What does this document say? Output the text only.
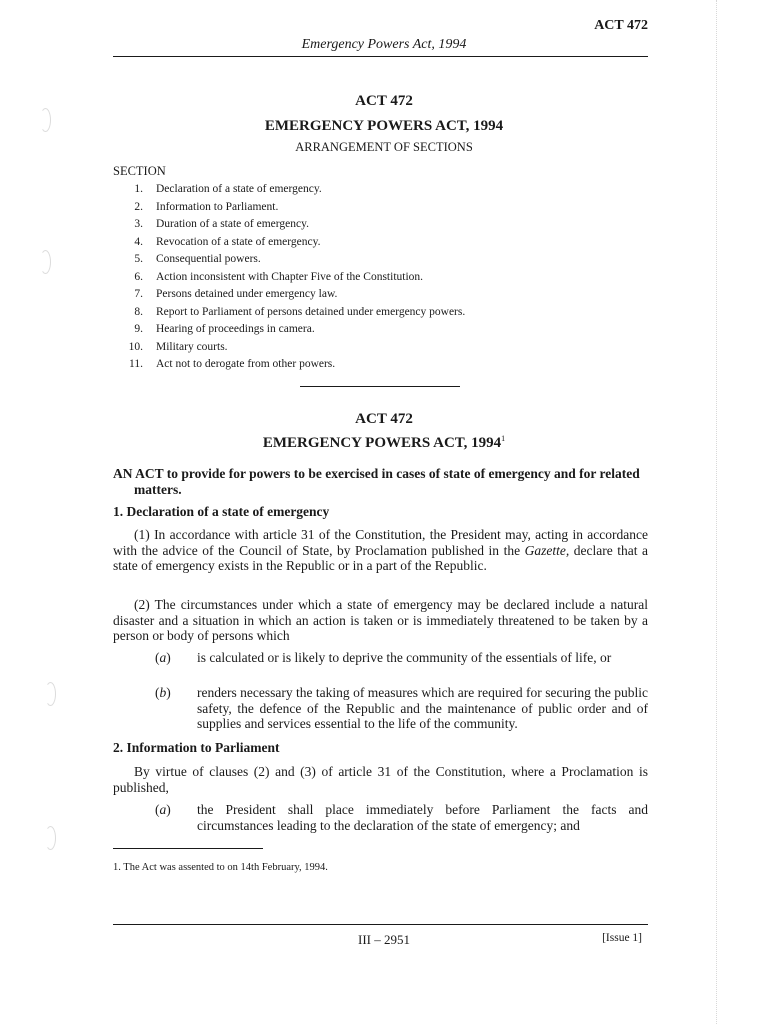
ACT 472
Emergency Powers Act, 1994
ACT 472
EMERGENCY POWERS ACT, 1994
ARRANGEMENT OF SECTIONS
SECTION
1.	Declaration of a state of emergency.
2.	Information to Parliament.
3.	Duration of a state of emergency.
4.	Revocation of a state of emergency.
5.	Consequential powers.
6.	Action inconsistent with Chapter Five of the Constitution.
7.	Persons detained under emergency law.
8.	Report to Parliament of persons detained under emergency powers.
9.	Hearing of proceedings in camera.
10.	Military courts.
11.	Act not to derogate from other powers.
ACT 472
EMERGENCY POWERS ACT, 1994$^1$
AN ACT to provide for powers to be exercised in cases of state of emergency and for related matters.
1. Declaration of a state of emergency

(1) In accordance with article 31 of the Constitution, the President may, acting in accordance with the advice of the Council of State, by Proclamation published in the Gazette, declare that a state of emergency exists in the Republic or in a part of the Republic.

(2) The circumstances under which a state of emergency may be declared include a natural disaster and a situation in which an action is taken or is immediately threatened to be taken by a person or body of persons which

(a)	is calculated or is likely to deprive the community of the essentials of life, or
(b)	renders necessary the taking of measures which are required for securing the public safety, the defence of the Republic and the maintenance of public order and of supplies and services essential to the life of the community.
2. Information to Parliament

By virtue of clauses (2) and (3) of article 31 of the Constitution, where a Proclamation is published,

(a)	the President shall place immediately before Parliament the facts and circumstances leading to the declaration of the state of emergency; and
1. The Act was assented to on 14th February, 1994.
III – 2951	[Issue 1]
